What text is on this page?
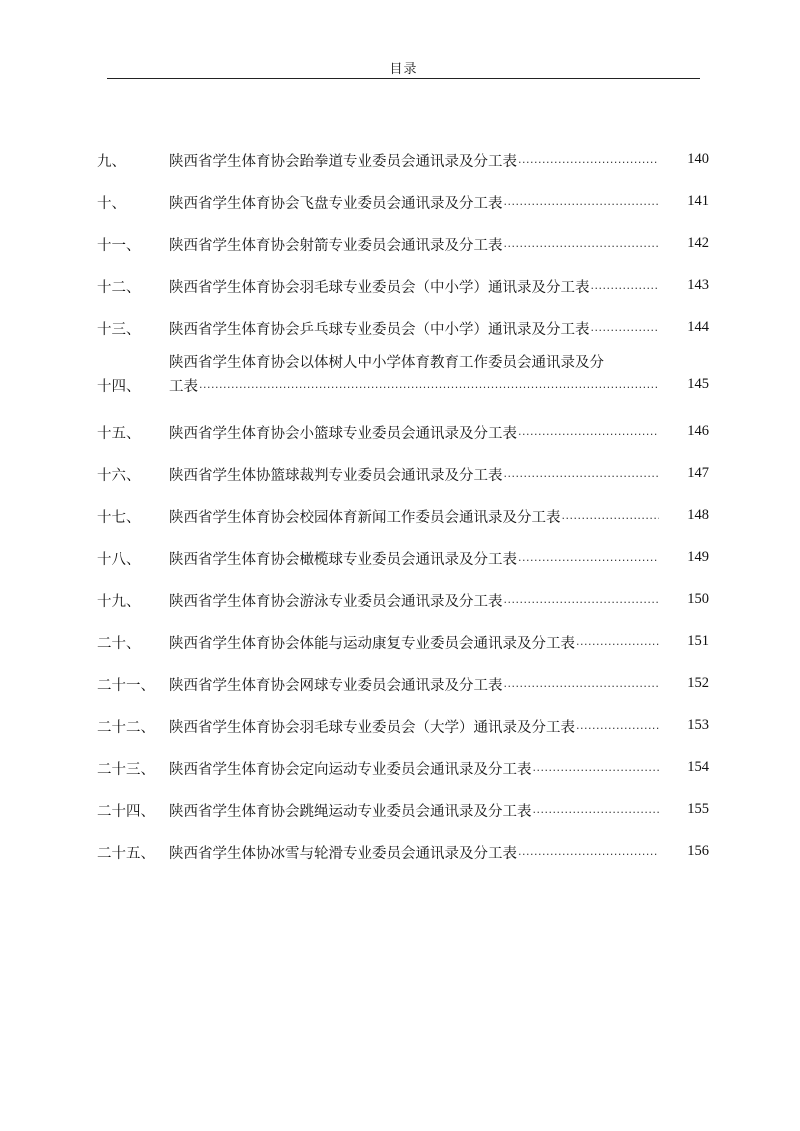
目录
九、	陕西省学生体育协会跆拳道专业委员会通讯录及分工表 ·····	140
十、	陕西省学生体育协会飞盘专业委员会通讯录及分工表 ·····	141
十一、	陕西省学生体育协会射箭专业委员会通讯录及分工表 ·····	142
十二、	陕西省学生体育协会羽毛球专业委员会（中小学）通讯录及分工表 ·····	143
十三、	陕西省学生体育协会乒乓球专业委员会（中小学）通讯录及分工表 ·····	144
十四、
陕西省学生体育协会以体树人中小学体育教育工作委员会通讯录及分
工表 ·····	145
十五、	陕西省学生体育协会小篮球专业委员会通讯录及分工表 ·····	146
十六、	陕西省学生体协篮球裁判专业委员会通讯录及分工表 ·····	147
十七、	陕西省学生体育协会校园体育新闻工作委员会通讯录及分工表 ·····	148
十八、	陕西省学生体育协会橄榄球专业委员会通讯录及分工表 ·····	149
十九、	陕西省学生体育协会游泳专业委员会通讯录及分工表 ·····	150
二十、	陕西省学生体育协会体能与运动康复专业委员会通讯录及分工表 ·····	151
二十一、 陕西省学生体育协会网球专业委员会通讯录及分工表 ·····	152
二十二、 陕西省学生体育协会羽毛球专业委员会（大学）通讯录及分工表 ·····	153
二十三、 陕西省学生体育协会定向运动专业委员会通讯录及分工表 ·····	154
二十四、 陕西省学生体育协会跳绳运动专业委员会通讯录及分工表 ·····	155
二十五、 陕西省学生体协冰雪与轮滑专业委员会通讯录及分工表 ·····	156
